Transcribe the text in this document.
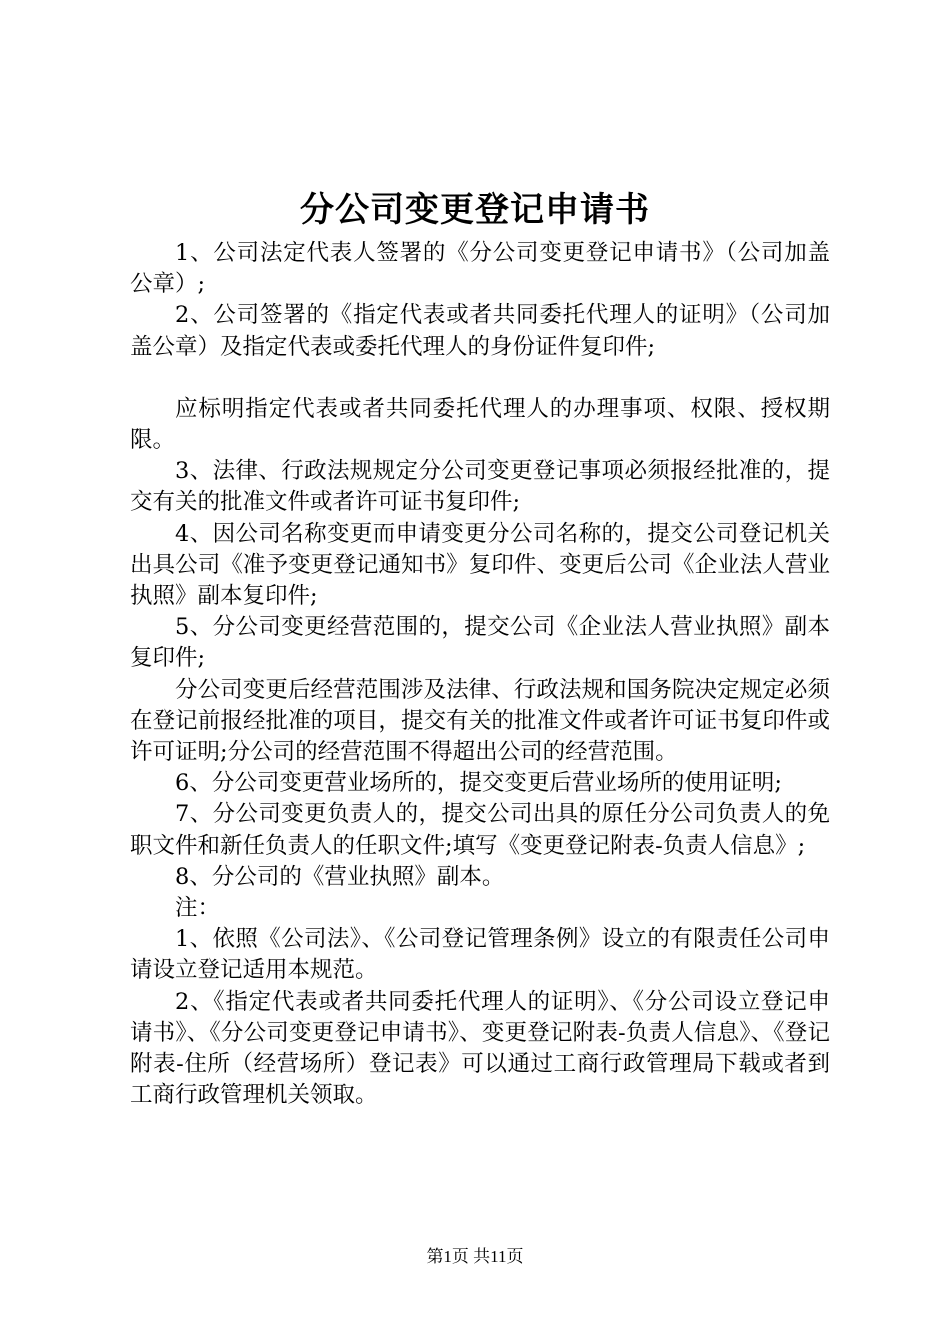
分公司变更登记申请书

1、公司法定代表人签署的《分公司变更登记申请书》（公司加盖公章）;

2、公司签署的《指定代表或者共同委托代理人的证明》（公司加盖公章）及指定代表或委托代理人的身份证件复印件;

应标明指定代表或者共同委托代理人的办理事项、权限、授权期限。

3、法律、行政法规规定分公司变更登记事项必须报经批准的，提交有关的批准文件或者许可证书复印件;

4、因公司名称变更而申请变更分公司名称的，提交公司登记机关出具公司《准予变更登记通知书》复印件、变更后公司《企业法人营业执照》副本复印件;

5、分公司变更经营范围的，提交公司《企业法人营业执照》副本复印件;

分公司变更后经营范围涉及法律、行政法规和国务院决定规定必须在登记前报经批准的项目，提交有关的批准文件或者许可证书复印件或许可证明;分公司的经营范围不得超出公司的经营范围。

6、分公司变更营业场所的，提交变更后营业场所的使用证明;

7、分公司变更负责人的，提交公司出具的原任分公司负责人的免职文件和新任负责人的任职文件;填写《变更登记附表-负责人信息》;

8、分公司的《营业执照》副本。

注：

1、依照《公司法》、《公司登记管理条例》设立的有限责任公司申请设立登记适用本规范。

2、《指定代表或者共同委托代理人的证明》、《分公司设立登记申请书》、《分公司变更登记申请书》、变更登记附表-负责人信息》、《登记附表-住所（经营场所）登记表》可以通过工商行政管理局下载或者到工商行政管理机关领取。

第1页 共11页
